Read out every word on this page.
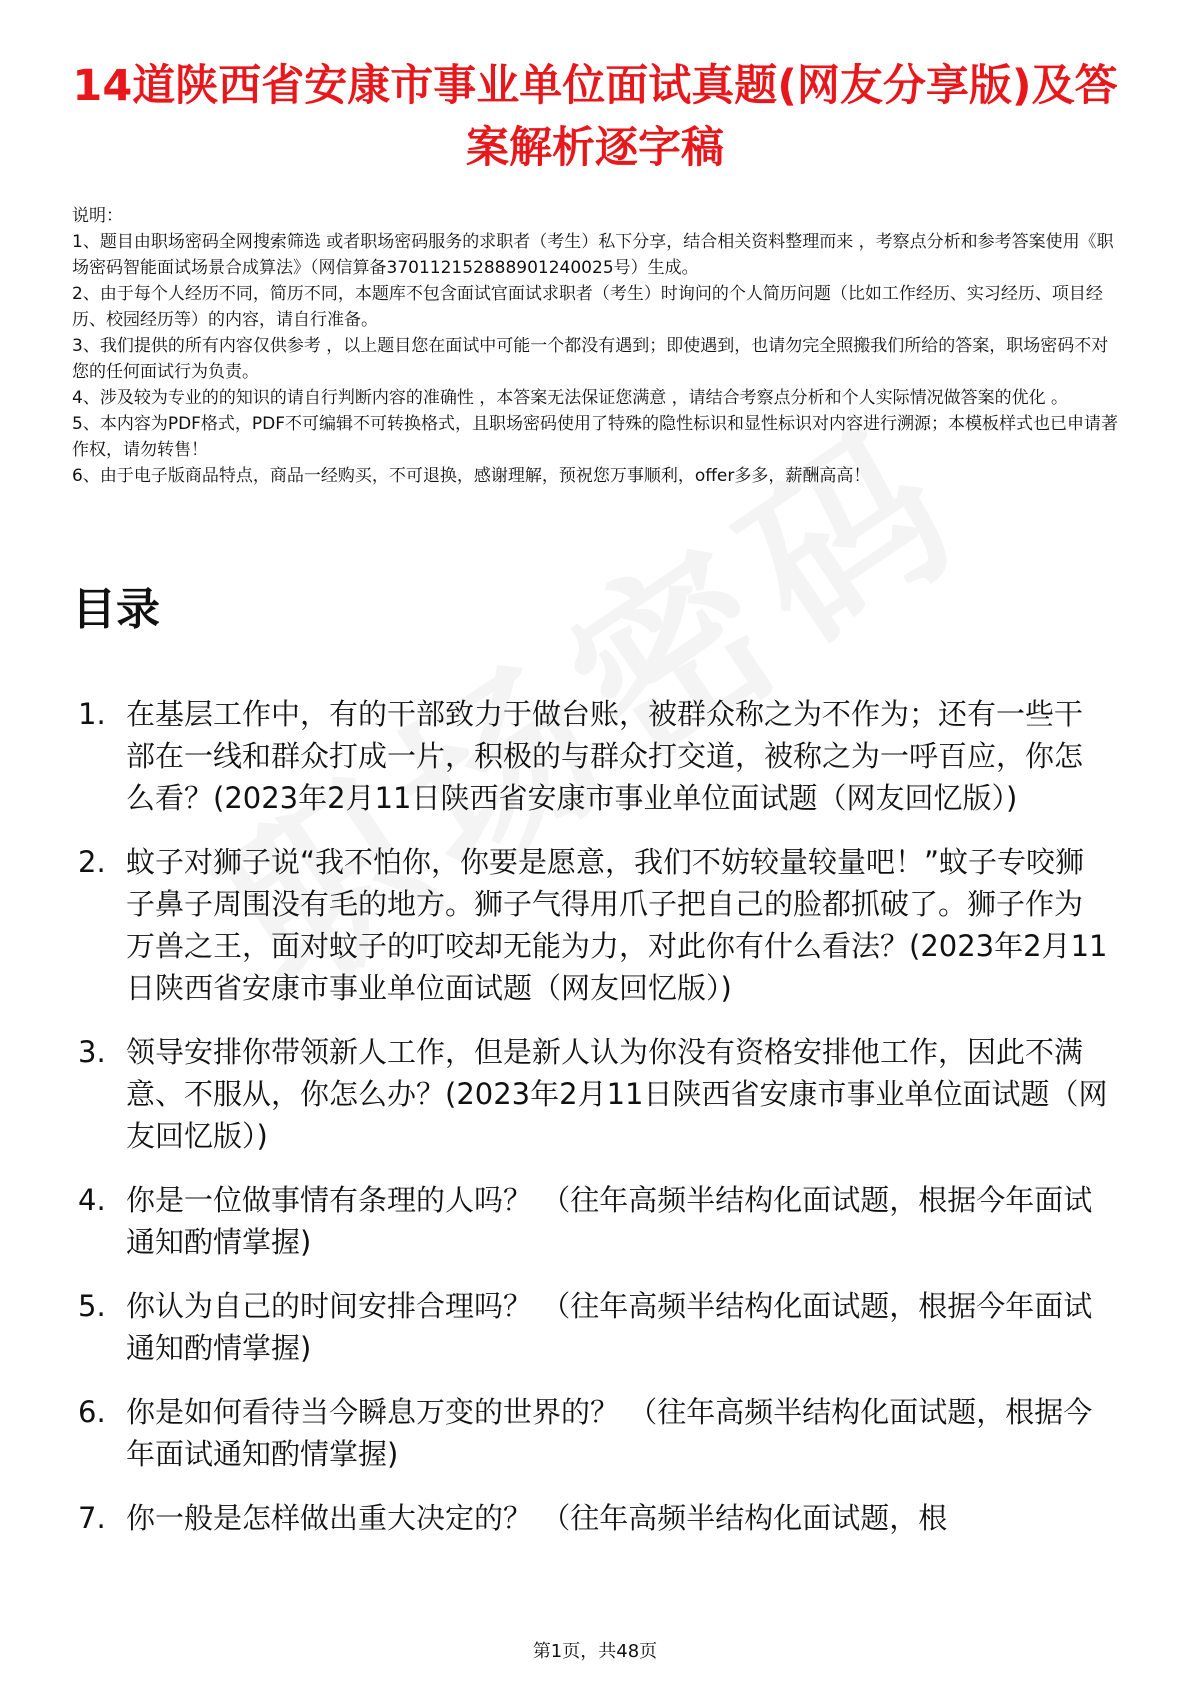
14道陕西省安康市事业单位面试真题(网友分享版)及答案解析逐字稿
说明：
1、题目由职场密码全网搜索筛选 或者职场密码服务的求职者（考生）私下分享，结合相关资料整理而来 ，考察点分析和参考答案使用《职场密码智能面试场景合成算法》（网信算备370112152888901240025号）生成。
2、由于每个人经历不同，简历不同，本题库不包含面试官面试求职者（考生）时询问的个人简历问题（比如工作经历、实习经历、项目经历、校园经历等）的内容，请自行准备。
3、我们提供的所有内容仅供参考 ，以上题目您在面试中可能一个都没有遇到；即使遇到，也请勿完全照搬我们所给的答案，职场密码不对您的任何面试行为负责。
4、涉及较为专业的的知识的请自行判断内容的准确性 ，本答案无法保证您满意 ，请结合考察点分析和个人实际情况做答案的优化 。
5、本内容为PDF格式，PDF不可编辑不可转换格式，且职场密码使用了特殊的隐性标识和显性标识对内容进行溯源；本模板样式也已申请著作权，请勿转售！
6、由于电子版商品特点，商品一经购买，不可退换，感谢理解，预祝您万事顺利，offer多多，薪酬高高！
目录
1. 在基层工作中，有的干部致力于做台账，被群众称之为不作为；还有一些干部在一线和群众打成一片，积极的与群众打交道，被称之为一呼百应，你怎么看？(2023年2月11日陕西省安康市事业单位面试题（网友回忆版）)
2. 蚊子对狮子说“我不怕你，你要是愿意，我们不妨较量较量吧！”蚊子专咬狮子鼻子周围没有毛的地方。狮子气得用爪子把自己的脸都抓破了。狮子作为万兽之王，面对蚊子的叮咬却无能为力，对此你有什么看法？(2023年2月11日陕西省安康市事业单位面试题（网友回忆版）)
3. 领导安排你带领新人工作，但是新人认为你没有资格安排他工作，因此不满意、不服从，你怎么办？(2023年2月11日陕西省安康市事业单位面试题（网友回忆版）)
4. 你是一位做事情有条理的人吗？ （往年高频半结构化面试题，根据今年面试通知酌情掌握)
5. 你认为自己的时间安排合理吗？ （往年高频半结构化面试题，根据今年面试通知酌情掌握)
6. 你是如何看待当今瞬息万变的世界的？ （往年高频半结构化面试题，根据今年面试通知酌情掌握)
7. 你一般是怎样做出重大决定的？ （往年高频半结构化面试题，根
第1页，共48页
